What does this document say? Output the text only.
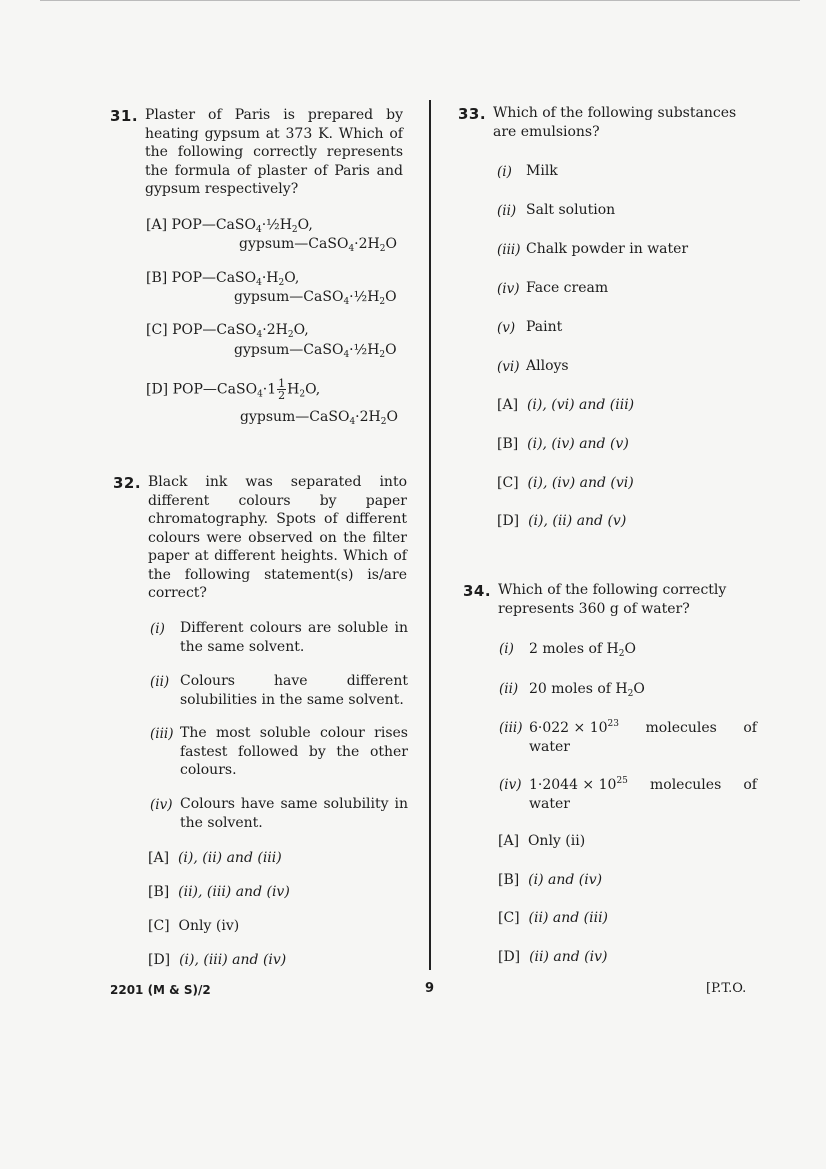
31. Plaster of Paris is prepared by heating gypsum at 373 K. Which of the following correctly represents the formula of plaster of Paris and gypsum respectively?
[A] $POP—CaSO_4\cdot\frac{1}{2}H_2O$,
$gypsum—CaSO_4\cdot 2H_2O$
[B] $POP—CaSO_4\cdot H_2O$,
$gypsum—CaSO_4\cdot\frac{1}{2}H_2O$
[C] $POP—CaSO_4\cdot 2H_2O$,
$gypsum—CaSO_4\cdot\frac{1}{2}H_2O$
[D] POP—CaSO$_4$·1 $\frac{1}{2} H_2O$,
$gypsum—CaSO_4\cdot 2H_2O$
32. Black ink was separated into different colours by paper chromatography. Spots of different colours were observed on the filter paper at different heights. Which of the following statement(s) is/are correct?
(i) Different colours are soluble in the same solvent.
(ii) Colours have different solubilities in the same solvent.
(iii) The most soluble colour rises fastest followed by the other colours.
(iv) Colours have same solubility in the solvent.
[A] (i), (ii) and (iii)
[B] (ii), (iii) and (iv)
[C] Only (iv)
[D] (i), (iii) and (iv)
33. Which of the following substances are emulsions?
(i) Milk
(ii) Salt solution
(iii) Chalk powder in water
(iv) Face cream
(v) Paint
(vi) Alloys
[A] (i), (vi) and (iii)
[B] (i), (iv) and (v)
[C] (i), (iv) and (vi)
[D] (i), (ii) and (v)
34. Which of the following correctly represents 360 g of water?
(i) 2 moles of $H_2O$
(ii) 20 moles of $H_2O$
(iii) $6\cdot 022 \times 10^{23}$ molecules of
water
(iv) $1\cdot 2044 \times 10^{25}$ molecules of
water
[A] Only (ii)
[B] (i) and (iv)
[C] (ii) and (iii)
[D] (ii) and (iv)
2201 (M & S)/2	9	[P.T.O.
